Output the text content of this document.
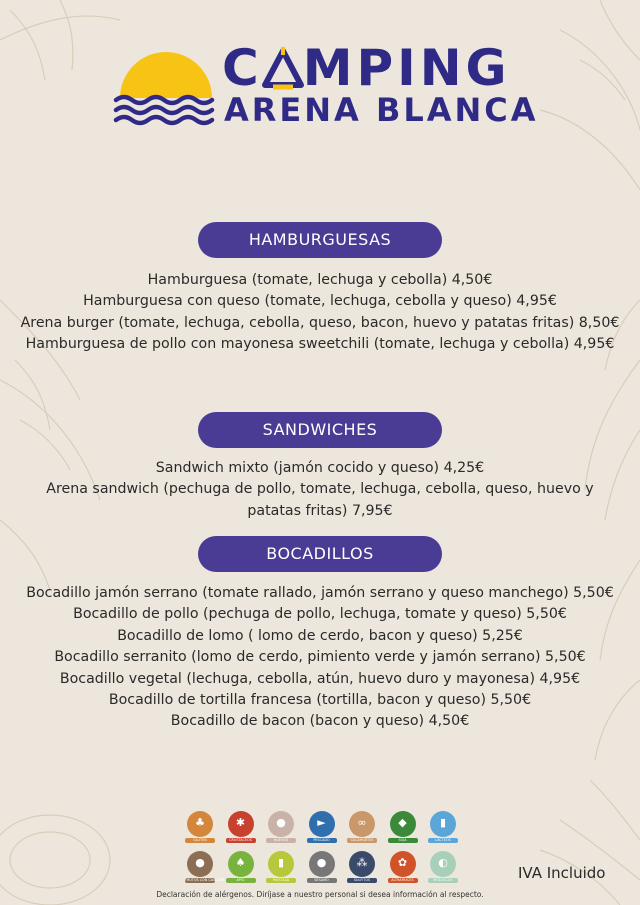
C MPING
ARENA BLANCA
HAMBURGUESAS
Hamburguesa (tomate, lechuga y cebolla) 4,50€
Hamburguesa con queso (tomate, lechuga, cebolla y queso) 4,95€
Arena burger (tomate, lechuga, cebolla, queso, bacon, huevo y patatas fritas) 8,50€
Hamburguesa de pollo con mayonesa sweetchili (tomate, lechuga y cebolla) 4,95€
SANDWICHES
Sandwich mixto (jamón cocido y queso) 4,25€
Arena sandwich (pechuga de pollo, tomate, lechuga, cebolla, queso, huevo y patatas fritas) 7,95€
BOCADILLOS
Bocadillo jamón serrano (tomate rallado, jamón serrano y queso manchego) 5,50€
Bocadillo de pollo (pechuga de pollo, lechuga, tomate y queso) 5,50€
Bocadillo de lomo ( lomo de cerdo, bacon y queso) 5,25€
Bocadillo serranito (lomo de cerdo, pimiento verde y jamón serrano) 5,50€
Bocadillo vegetal (lechuga, cebolla, atún, huevo duro y mayonesa) 4,95€
Bocadillo de tortilla francesa (tortilla, bacon y queso) 5,50€
Bocadillo de bacon (bacon y queso) 4,50€
♣
GLUTEN
✱
CRUSTÁCEOS
●
HUEVOS
►
PESCADO
∞
CACAHUETES
◆
SOJA
▮
LÁCTEOS
●
FRUTOS CON CÁSCARA
♠
APIO
▮
MOSTAZA
●
SÉSAMO
⁂
SULFITOS
✿
ALTRAMUCES
◐
MOLUSCOS
Declaración de alérgenos. Diríjase a nuestro personal si desea información al respecto.
IVA Incluido
